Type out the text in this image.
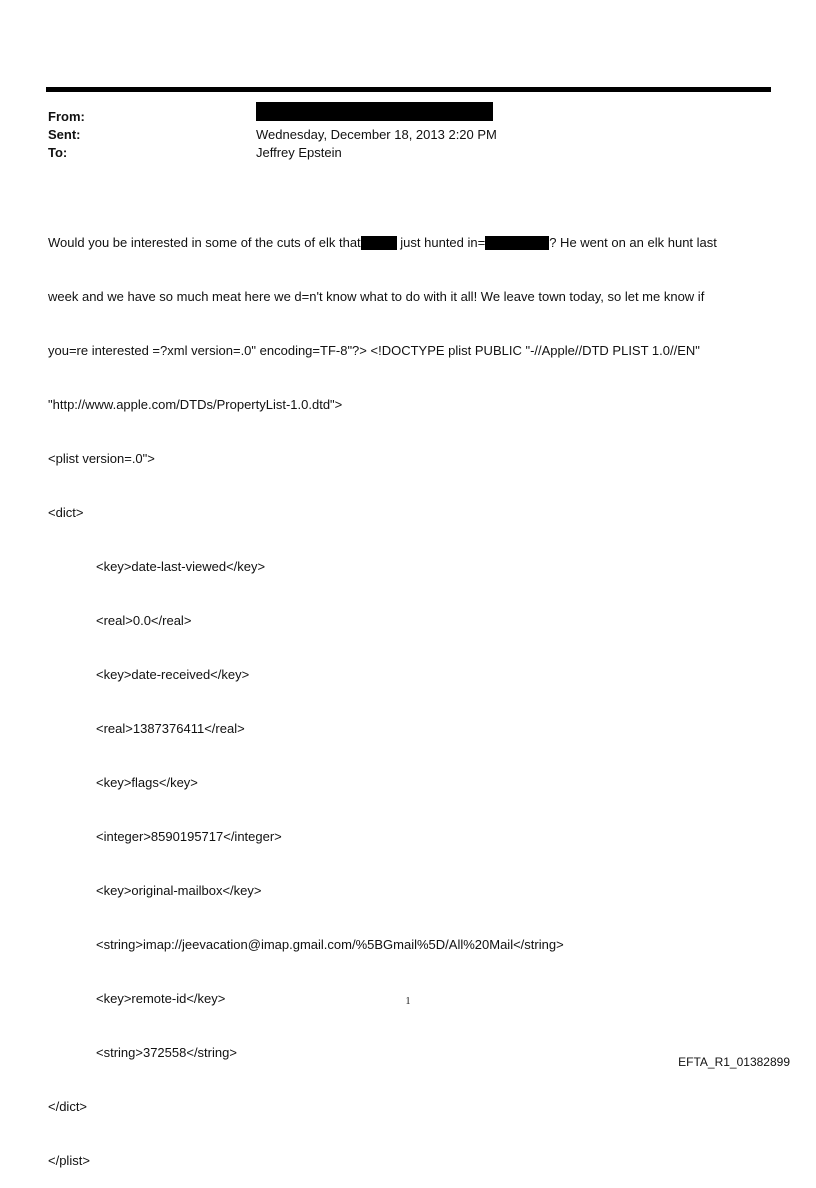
From:
Sent:	Wednesday, December 18, 2013 2:20 PM
To:	Jeffrey Epstein

Would you be interested in some of the cuts of elk that	just hunted in=	? He went on an elk hunt last

week and we have so much meat here we d=n't know what to do with it all! We leave town today, so let me know if

you=re interested =?xml version=.0" encoding=TF-8"?> <!DOCTYPE plist PUBLIC "-//Apple//DTD PLIST 1.0//EN"

"http://www.apple.com/DTDs/PropertyList-1.0.dtd">

<plist version=.0">

<dict>

<key>date-last-viewed</key>

<real>0.0</real>

<key>date-received</key>

<real>1387376411</real>

<key>flags</key>

<integer>8590195717</integer>

<key>original-mailbox</key>

<string>imap://jeevacation@imap.gmail.com/%5BGmail%5D/All%20Mail</string>

<key>remote-id</key>

<string>372558</string>

</dict>

</plist>

1
EFTA_R1_01382899
